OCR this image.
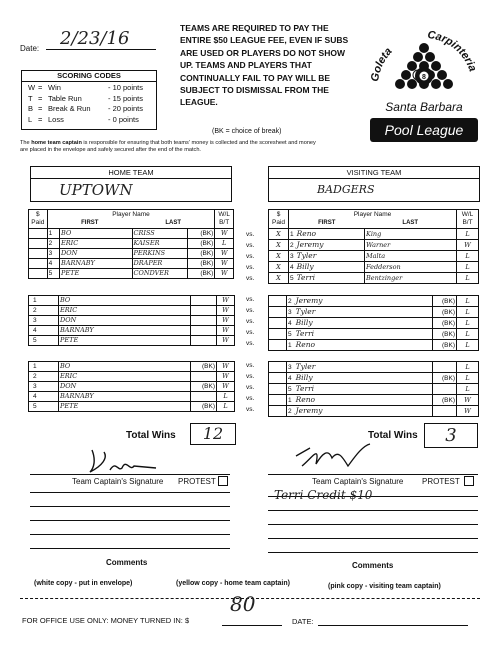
Date:	2/23/16
SCORING CODES
W = Win	- 10 points
T = Table Run	- 15 points
B = Break & Run	- 20 points
L = Loss	- 0 points
TEAMS ARE REQUIRED TO PAY THE ENTIRE $50 LEAGUE FEE, EVEN IF SUBS ARE USED OR PLAYERS DO NOT SHOW UP. TEAMS AND PLAYERS THAT CONTINUALLY FAIL TO PAY WILL BE SUBJECT TO DISMISSAL FROM THE LEAGUE.
(BK = choice of break)
Goleta
Carpinteria
8
Santa Barbara
Pool League
The home team captain is responsible for ensuring that both teams' money is collected and the scoresheet and money are placed in the envelope and safely secured after the end of the match.
HOME TEAM
UPTOWN
VISITING TEAM
BADGERS
$
Paid	Player Name				W/L
B/T
	FIRST		LAST		
	1	BO	CRISS	(BK)	W
	2	ERIC	KAISER	(BK)	L
	3	DON	PERKINS	(BK)	W
	4	BARNABY	DRAPER	(BK)	W
	5	PETE	CONDVER	(BK)	W
$
Paid	Player Name		W/L
B/T
	FIRST	LAST	
X	1 Reno	King	L
X	2 Jeremy	Warner	W
X	3 Tyler	Malta	L
X	4 Billy	Fedderson	L
X	5 Terri	Bentzinger	L
1	BO		W
2	ERIC		W
3	DON		W
4	BARNABY		W
5	PETE		W
	2 Jeremy	(BK)	L
	3 Tyler	(BK)	L
	4 Billy	(BK)	L
	5 Terri	(BK)	L
	1 Reno	(BK)	L
1	BO	(BK)	W
2	ERIC		W
3	DON	(BK)	W
4	BARNABY		L
5	PETE	(BK)	L
	3 Tyler		L
	4 Billy	(BK)	L
	5 Terri		L
	1 Reno	(BK)	W
	2 Jeremy		W
vs.
vs.
vs.
vs.
vs.
vs.
vs.
vs.
vs.
vs.
vs.
vs.
vs.
vs.
vs.
Total Wins	12	Total Wins	3
Team Captain's Signature PROTEST	Team Captain's Signature PROTEST
Terri Credit $10
Comments	Comments
(white copy - put in envelope)	(yellow copy - home team captain)	(pink copy - visiting team captain)
FOR OFFICE USE ONLY: MONEY TURNED IN: $
80
DATE:
